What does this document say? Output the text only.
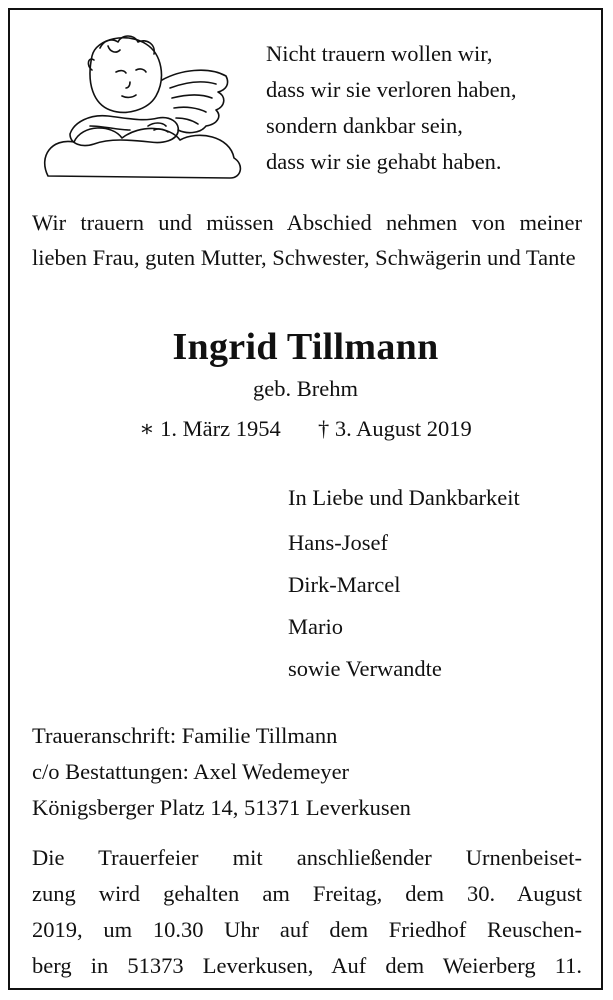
Nicht trauern wollen wir,
dass wir sie verloren haben,
sondern dankbar sein,
dass wir sie gehabt haben.
Wir trauern und müssen Abschied nehmen von meiner lieben Frau, guten Mutter, Schwester, Schwägerin und Tante
Ingrid Tillmann
geb. Brehm
∗ 1. März 1954 † 3. August 2019
In Liebe und Dankbarkeit
Hans-Josef
Dirk-Marcel
Mario
sowie Verwandte
Traueranschrift: Familie Tillmann
c/o Bestattungen: Axel Wedemeyer
Königsberger Platz 14, 51371 Leverkusen
Die Trauerfeier mit anschließender Urnenbeiset-
zung wird gehalten am Freitag, dem 30. August
2019, um 10.30 Uhr auf dem Friedhof Reuschen-
berg in 51373 Leverkusen, Auf dem Weierberg 11.
